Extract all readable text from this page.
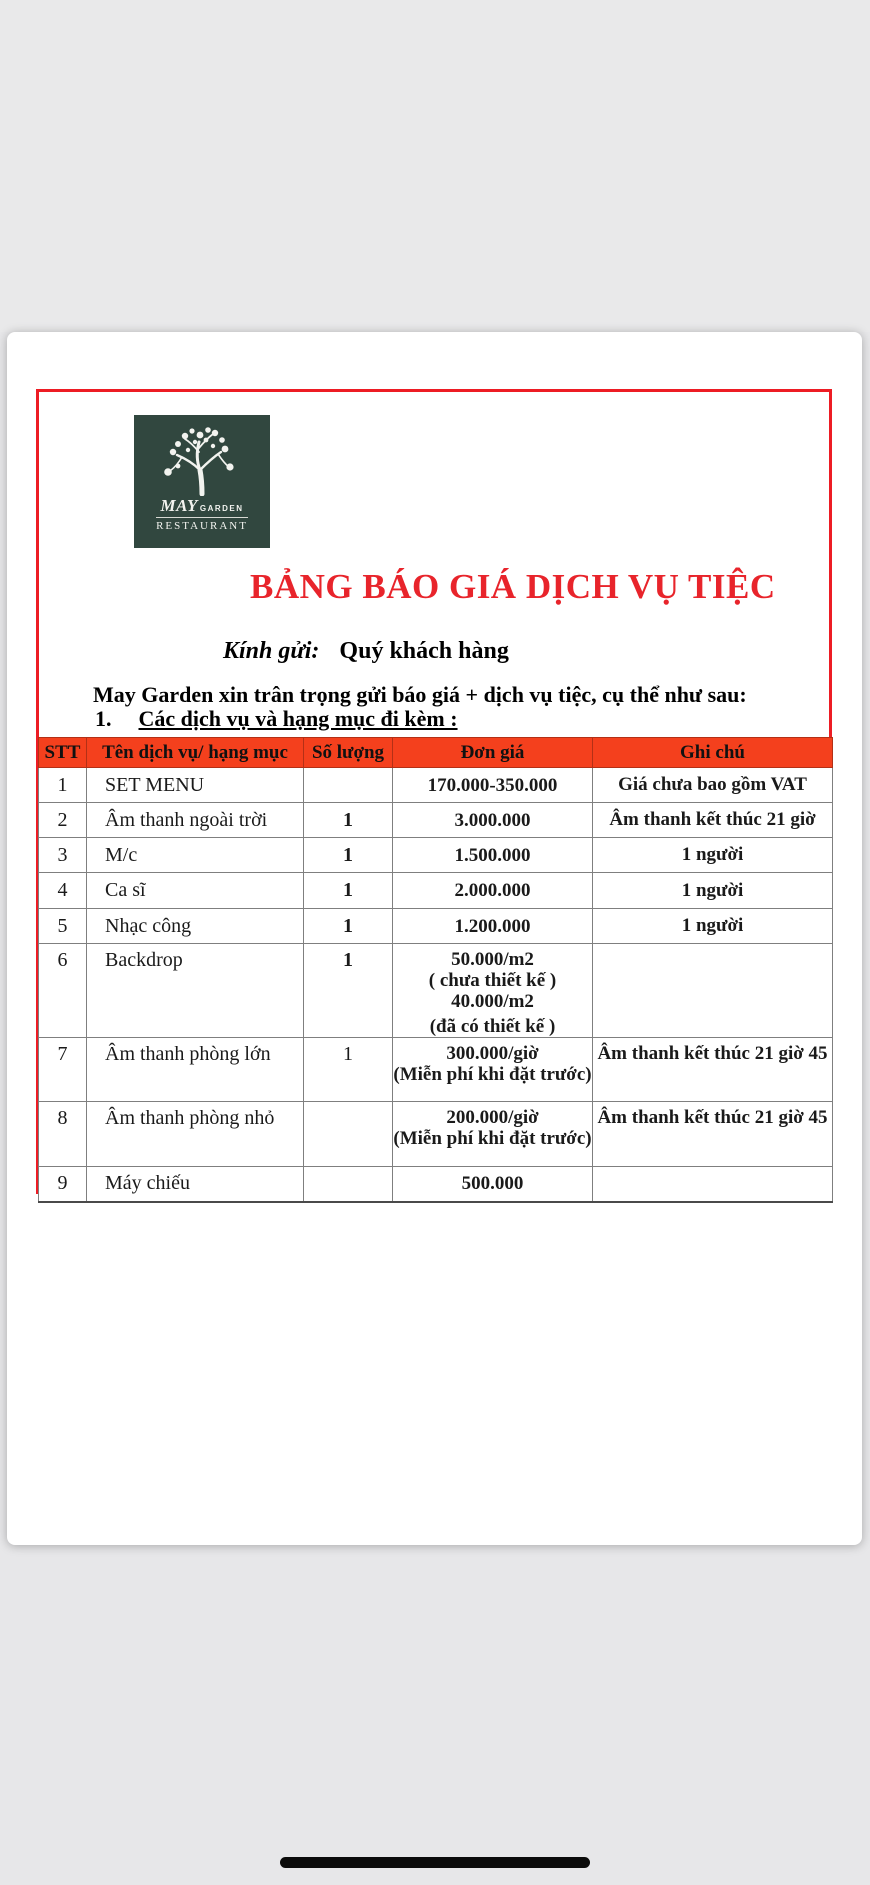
MAY GARDEN
RESTAURANT
BẢNG BÁO GIÁ DỊCH VỤ TIỆC
Kính gửi: Quý khách hàng
May Garden xin trân trọng gửi báo giá + dịch vụ tiệc, cụ thể như sau:
1. Các dịch vụ và hạng mục đi kèm :
STT	Tên dịch vụ/ hạng mục	Số lượng	Đơn giá	Ghi chú
1	SET MENU		170.000-350.000	Giá chưa bao gồm VAT
2	Âm thanh ngoài trời	1	3.000.000	Âm thanh kết thúc 21 giờ
3	M/c	1	1.500.000	1 người
4	Ca sĩ	1	2.000.000	1 người
5	Nhạc công	1	1.200.000	1 người
6	Backdrop	1	50.000/m2
( chưa thiết kế )
40.000/m2
(đã có thiết kế )	

7	Âm thanh phòng lớn	1	300.000/giờ
(Miễn phí khi đặt trước)	Âm thanh kết thúc 21 giờ 45
8	Âm thanh phòng nhỏ		200.000/giờ
(Miễn phí khi đặt trước)	Âm thanh kết thúc 21 giờ 45
9	Máy chiếu		500.000	
